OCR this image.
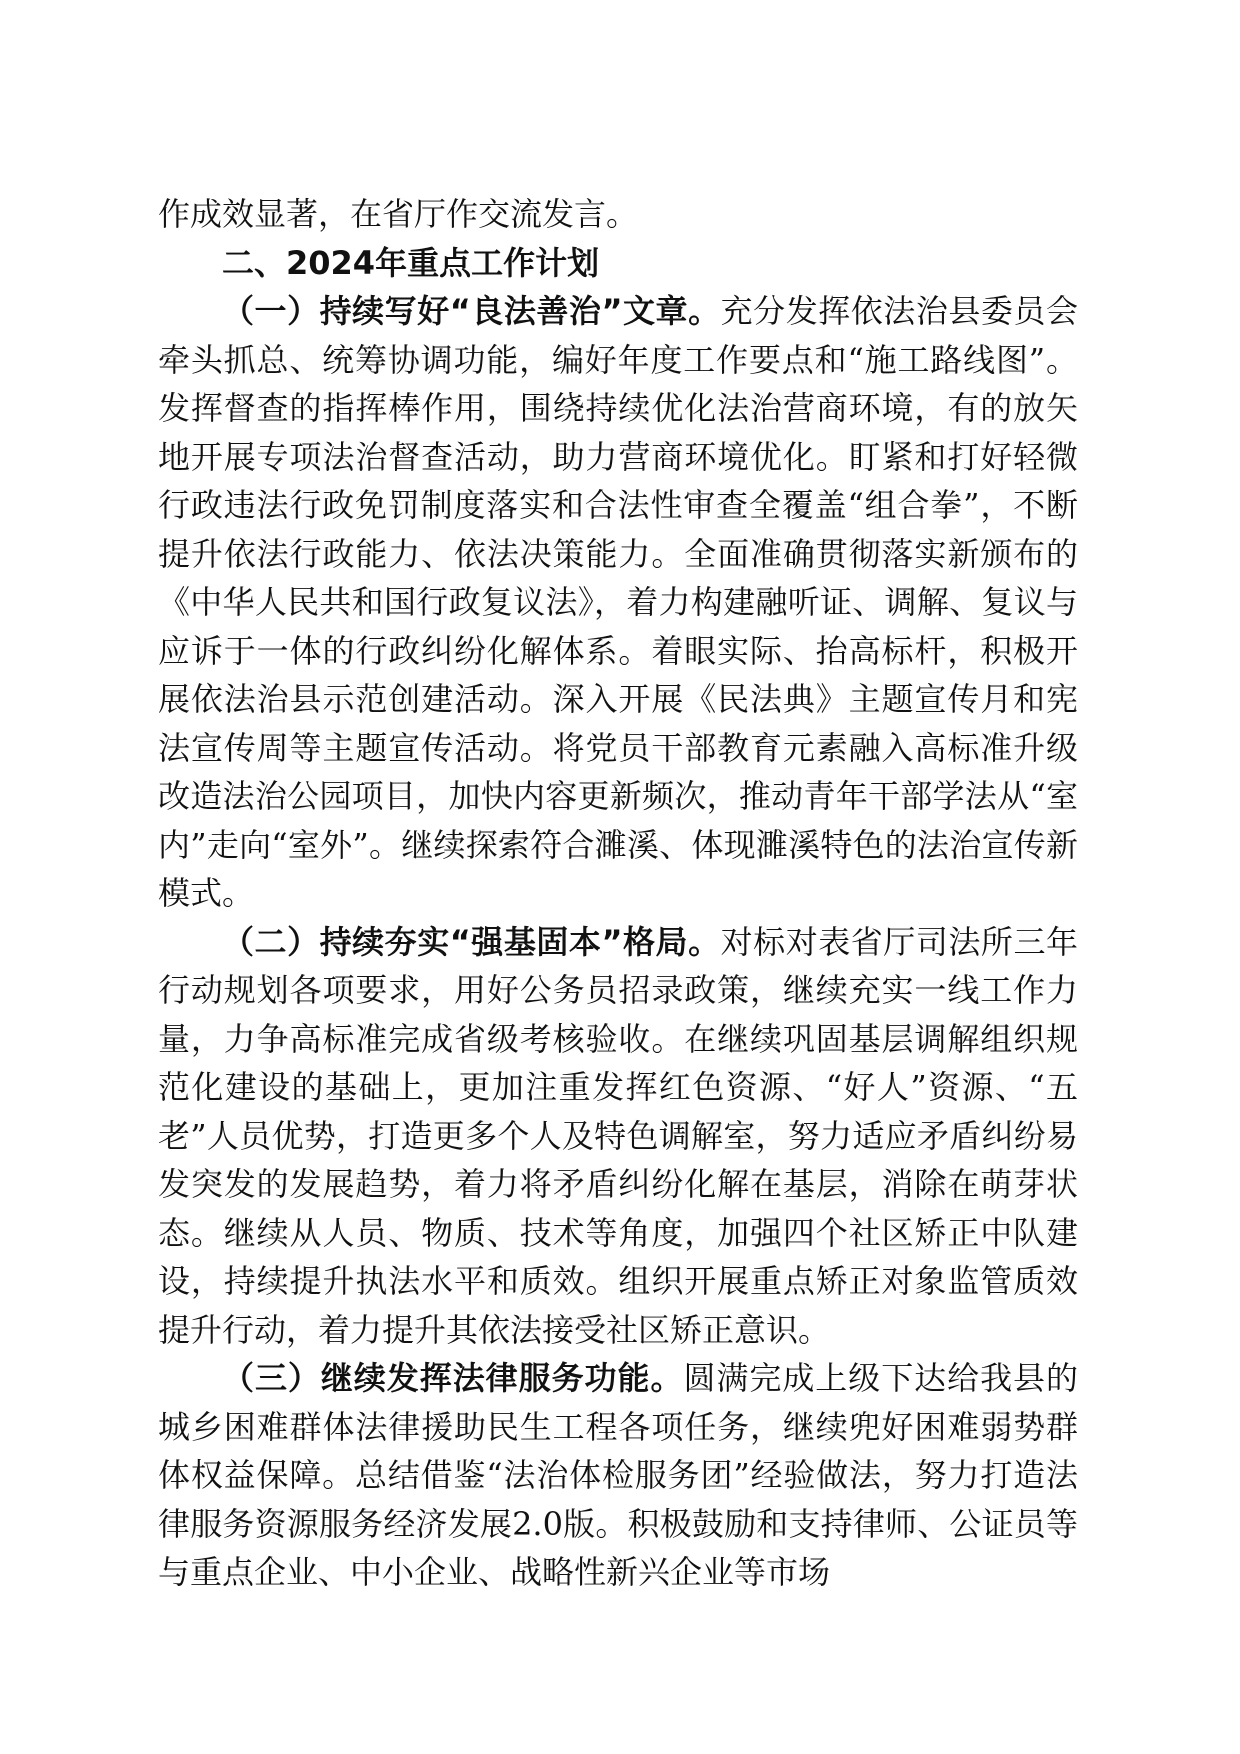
作成效显著，在省厅作交流发言。

二、2024年重点工作计划

（一）持续写好“良法善治”文章。充分发挥依法治县委员会牵头抓总、统筹协调功能，编好年度工作要点和“施工路线图”。发挥督查的指挥棒作用，围绕持续优化法治营商环境，有的放矢地开展专项法治督查活动，助力营商环境优化。盯紧和打好轻微行政违法行政免罚制度落实和合法性审查全覆盖“组合拳”，不断提升依法行政能力、依法决策能力。全面准确贯彻落实新颁布的《中华人民共和国行政复议法》，着力构建融听证、调解、复议与应诉于一体的行政纠纷化解体系。着眼实际、抬高标杆，积极开展依法治县示范创建活动。深入开展《民法典》主题宣传月和宪法宣传周等主题宣传活动。将党员干部教育元素融入高标准升级改造法治公园项目，加快内容更新频次，推动青年干部学法从“室内”走向“室外”。继续探索符合濉溪、体现濉溪特色的法治宣传新模式。

（二）持续夯实“强基固本”格局。对标对表省厅司法所三年行动规划各项要求，用好公务员招录政策，继续充实一线工作力量，力争高标准完成省级考核验收。在继续巩固基层调解组织规范化建设的基础上，更加注重发挥红色资源、“好人”资源、“五老”人员优势，打造更多个人及特色调解室，努力适应矛盾纠纷易发突发的发展趋势，着力将矛盾纠纷化解在基层，消除在萌芽状态。继续从人员、物质、技术等角度，加强四个社区矫正中队建设，持续提升执法水平和质效。组织开展重点矫正对象监管质效提升行动，着力提升其依法接受社区矫正意识。

（三）继续发挥法律服务功能。圆满完成上级下达给我县的城乡困难群体法律援助民生工程各项任务，继续兜好困难弱势群体权益保障。总结借鉴“法治体检服务团”经验做法，努力打造法律服务资源服务经济发展2.0版。积极鼓励和支持律师、公证员等与重点企业、中小企业、战略性新兴企业等市场
